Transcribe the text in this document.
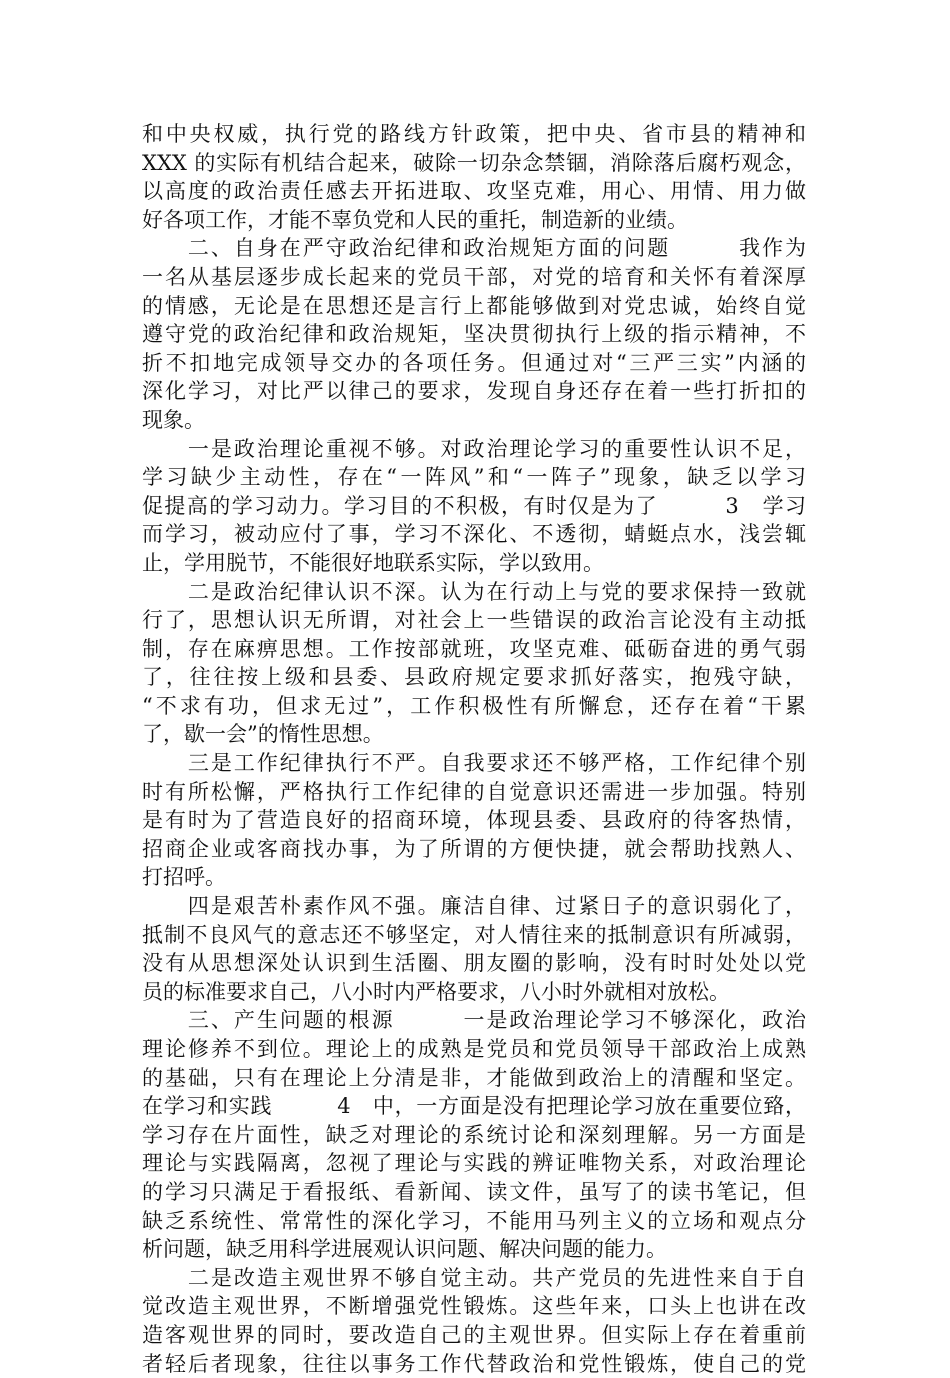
和中央权威，执行党的路线方针政策，把中央、省市县的精神和
XXX 的实际有机结合起来，破除一切杂念禁锢，消除落后腐朽观念，
以高度的政治责任感去开拓进取、攻坚克难，用心、用情、用力做
好各项工作，才能不辜负党和人民的重托，制造新的业绩。
　　二、自身在严守政治纪律和政治规矩方面的问题　　　我作为
一名从基层逐步成长起来的党员干部，对党的培育和关怀有着深厚
的情感，无论是在思想还是言行上都能够做到对党忠诚，始终自觉
遵守党的政治纪律和政治规矩，坚决贯彻执行上级的指示精神，不
折不扣地完成领导交办的各项任务。但通过对“三严三实”内涵的
深化学习，对比严以律己的要求，发现自身还存在着一些打折扣的
现象。
　　一是政治理论重视不够。对政治理论学习的重要性认识不足，
学习缺少主动性，存在“一阵风”和“一阵子”现象，缺乏以学习
促提高的学习动力。学习目的不积极，有时仅是为了　　　3　学习
而学习，被动应付了事，学习不深化、不透彻，蜻蜓点水，浅尝辄
止，学用脱节，不能很好地联系实际，学以致用。
　　二是政治纪律认识不深。认为在行动上与党的要求保持一致就
行了，思想认识无所谓，对社会上一些错误的政治言论没有主动抵
制，存在麻痹思想。工作按部就班，攻坚克难、砥砺奋进的勇气弱
了，往往按上级和县委、县政府规定要求抓好落实，抱残守缺，
“不求有功，但求无过”，工作积极性有所懈怠，还存在着“干累
了，歇一会”的惰性思想。
　　三是工作纪律执行不严。自我要求还不够严格，工作纪律个别
时有所松懈，严格执行工作纪律的自觉意识还需进一步加强。特别
是有时为了营造良好的招商环境，体现县委、县政府的待客热情，
招商企业或客商找办事，为了所谓的方便快捷，就会帮助找熟人、
打招呼。
　　四是艰苦朴素作风不强。廉洁自律、过紧日子的意识弱化了，
抵制不良风气的意志还不够坚定，对人情往来的抵制意识有所减弱，
没有从思想深处认识到生活圈、朋友圈的影响，没有时时处处以党
员的标准要求自己，八小时内严格要求，八小时外就相对放松。
　　三、产生问题的根源　　　一是政治理论学习不够深化，政治
理论修养不到位。理论上的成熟是党员和党员领导干部政治上成熟
的基础，只有在理论上分清是非，才能做到政治上的清醒和坚定。
在学习和实践　　　4　中，一方面是没有把理论学习放在重要位臵，
学习存在片面性，缺乏对理论的系统讨论和深刻理解。另一方面是
理论与实践隔离，忽视了理论与实践的辨证唯物关系，对政治理论
的学习只满足于看报纸、看新闻、读文件，虽写了的读书笔记，但
缺乏系统性、常常性的深化学习，不能用马列主义的立场和观点分
析问题，缺乏用科学进展观认识问题、解决问题的能力。
　　二是改造主观世界不够自觉主动。共产党员的先进性来自于自
觉改造主观世界，不断增强党性锻炼。这些年来，口头上也讲在改
造客观世界的同时，要改造自己的主观世界。但实际上存在着重前
者轻后者现象，往往以事务工作代替政治和党性锻炼，使自己的党
